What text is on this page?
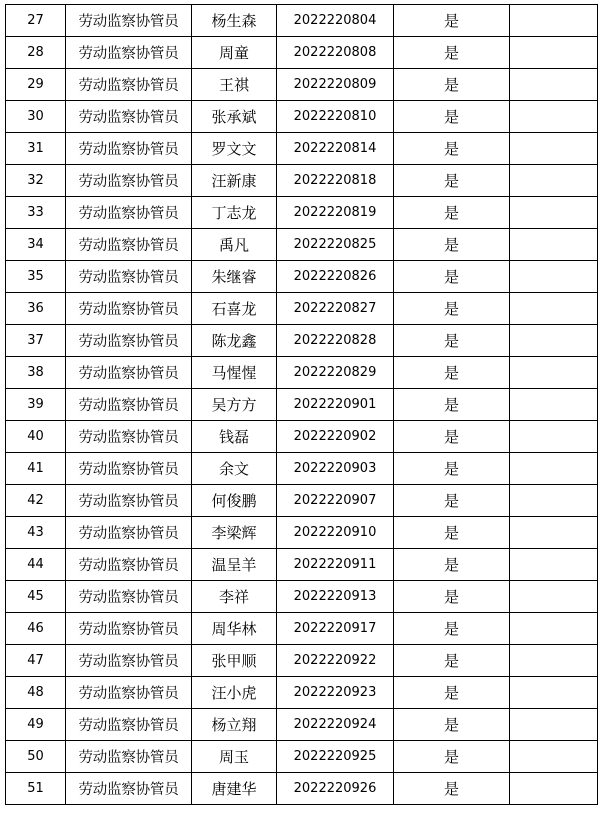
27	劳动监察协管员	杨生森	2022220804	是	
28	劳动监察协管员	周童	2022220808	是	
29	劳动监察协管员	王祺	2022220809	是	
30	劳动监察协管员	张承斌	2022220810	是	
31	劳动监察协管员	罗文文	2022220814	是	
32	劳动监察协管员	汪新康	2022220818	是	
33	劳动监察协管员	丁志龙	2022220819	是	
34	劳动监察协管员	禹凡	2022220825	是	
35	劳动监察协管员	朱继睿	2022220826	是	
36	劳动监察协管员	石喜龙	2022220827	是	
37	劳动监察协管员	陈龙鑫	2022220828	是	
38	劳动监察协管员	马惺惺	2022220829	是	
39	劳动监察协管员	吴方方	2022220901	是	
40	劳动监察协管员	钱磊	2022220902	是	
41	劳动监察协管员	余文	2022220903	是	
42	劳动监察协管员	何俊鹏	2022220907	是	
43	劳动监察协管员	李梁辉	2022220910	是	
44	劳动监察协管员	温呈羊	2022220911	是	
45	劳动监察协管员	李祥	2022220913	是	
46	劳动监察协管员	周华林	2022220917	是	
47	劳动监察协管员	张甲顺	2022220922	是	
48	劳动监察协管员	汪小虎	2022220923	是	
49	劳动监察协管员	杨立翔	2022220924	是	
50	劳动监察协管员	周玉	2022220925	是	
51	劳动监察协管员	唐建华	2022220926	是	
